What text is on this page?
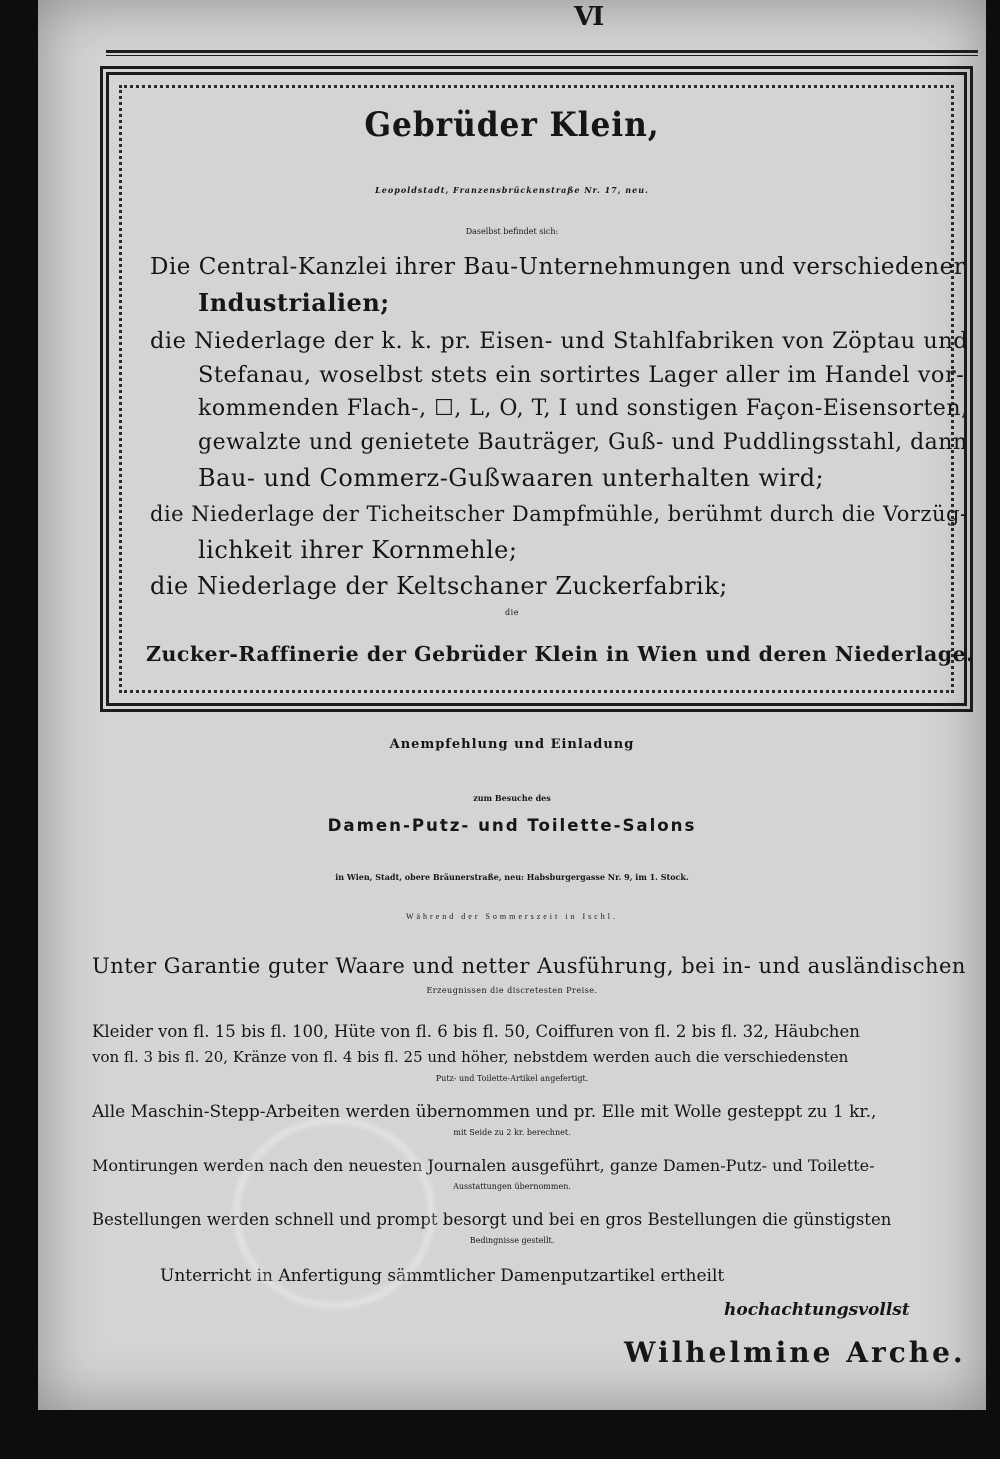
VI
Gebrüder Klein,
Leopoldstadt, Franzensbrückenstraße Nr. 17, neu.
Daselbst befindet sich:
Die Central-Kanzlei ihrer Bau-Unternehmungen und verschiedener
Industrialien;
die Niederlage der k. k. pr. Eisen- und Stahlfabriken von Zöptau und
Stefanau, woselbst stets ein sortirtes Lager aller im Handel vor-
kommenden Flach-, ☐, L, O, T, I und sonstigen Façon-Eisensorten,
gewalzte und genietete Bauträger, Guß- und Puddlingsstahl, dann
Bau- und Commerz-Gußwaaren unterhalten wird;
die Niederlage der Ticheitscher Dampfmühle, berühmt durch die Vorzüg-
lichkeit ihrer Kornmehle;
die Niederlage der Keltschaner Zuckerfabrik;
die
Zucker-Raffinerie der Gebrüder Klein in Wien und deren Niederlage.
Anempfehlung und Einladung
zum Besuche des
Damen-Putz- und Toilette-Salons
in Wien, Stadt, obere Bräunerstraße, neu: Habsburgergasse Nr. 9, im 1. Stock.
Während der Sommerszeit in Ischl.
Unter Garantie guter Waare und netter Ausführung, bei in- und ausländischen
Erzeugnissen die discretesten Preise.
Kleider von fl. 15 bis fl. 100, Hüte von fl. 6 bis fl. 50, Coiffuren von fl. 2 bis fl. 32, Häubchen
von fl. 3 bis fl. 20, Kränze von fl. 4 bis fl. 25 und höher, nebstdem werden auch die verschiedensten
Putz- und Toilette-Artikel angefertigt.
Alle Maschin-Stepp-Arbeiten werden übernommen und pr. Elle mit Wolle gesteppt zu 1 kr.,
mit Seide zu 2 kr. berechnet.
Montirungen werden nach den neuesten Journalen ausgeführt, ganze Damen-Putz- und Toilette-
Ausstattungen übernommen.
Bestellungen werden schnell und prompt besorgt und bei en gros Bestellungen die günstigsten
Bedingnisse gestellt.
Unterricht in Anfertigung sämmtlicher Damenputzartikel ertheilt
hochachtungsvollst
Wilhelmine Arche.
